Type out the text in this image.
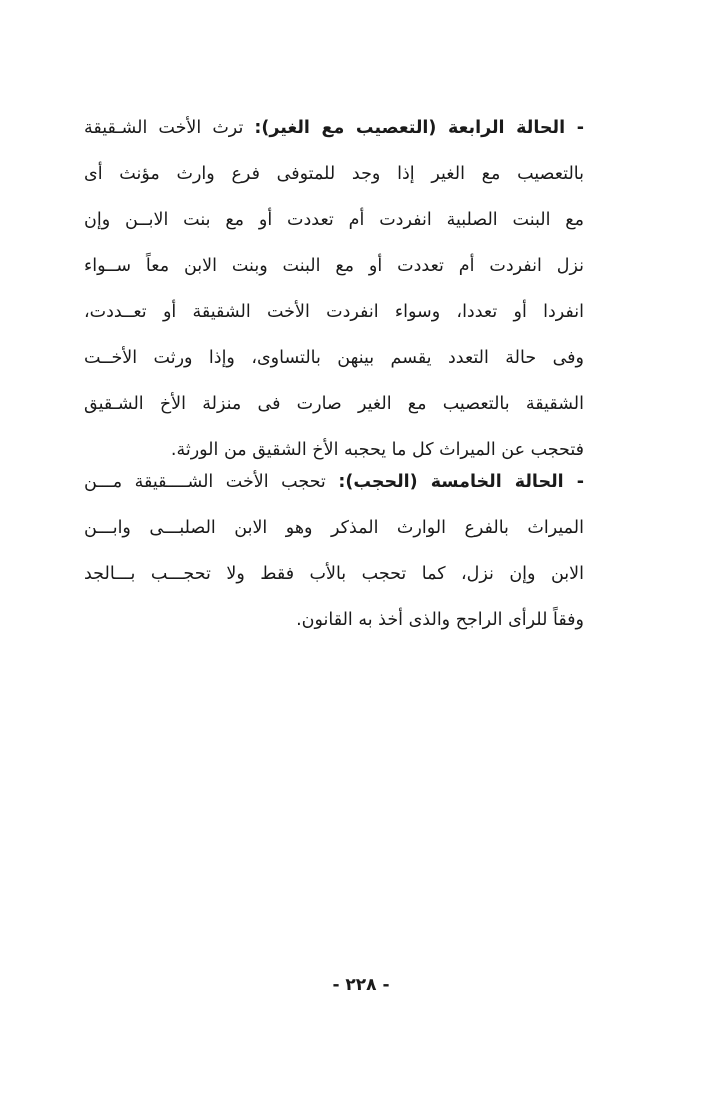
- الحالة الرابعة (التعصيب مع الغير): ترث الأخت الشـقيقة
بالتعصيب مع الغير إذا وجد للمتوفى فرع وارث مؤنث أى
مع البنت الصلبية انفردت أم تعددت أو مع بنت الابــن وإن
نزل انفردت أم تعددت أو مع البنت وبنت الابن معاً ســواء
انفردا أو تعددا، وسواء انفردت الأخت الشقيقة أو تعــددت،
وفى حالة التعدد يقسم بينهن بالتساوى، وإذا ورثت الأخــت
الشقيقة بالتعصيب مع الغير صارت فى منزلة الأخ الشـقيق
فتحجب عن الميراث كل ما يحجبه الأخ الشقيق من الورثة.
- الحالة الخامسة (الحجب): تحجب الأخت الشــــقيقة مـــن
الميراث بالفرع الوارث المذكر وهو الابن الصلبـــى وابـــن
الابن وإن نزل، كما تحجب بالأب فقط ولا تحجـــب بـــالجد
وفقاً للرأى الراجح والذى أخذ به القانون.
- ٢٢٨ -
